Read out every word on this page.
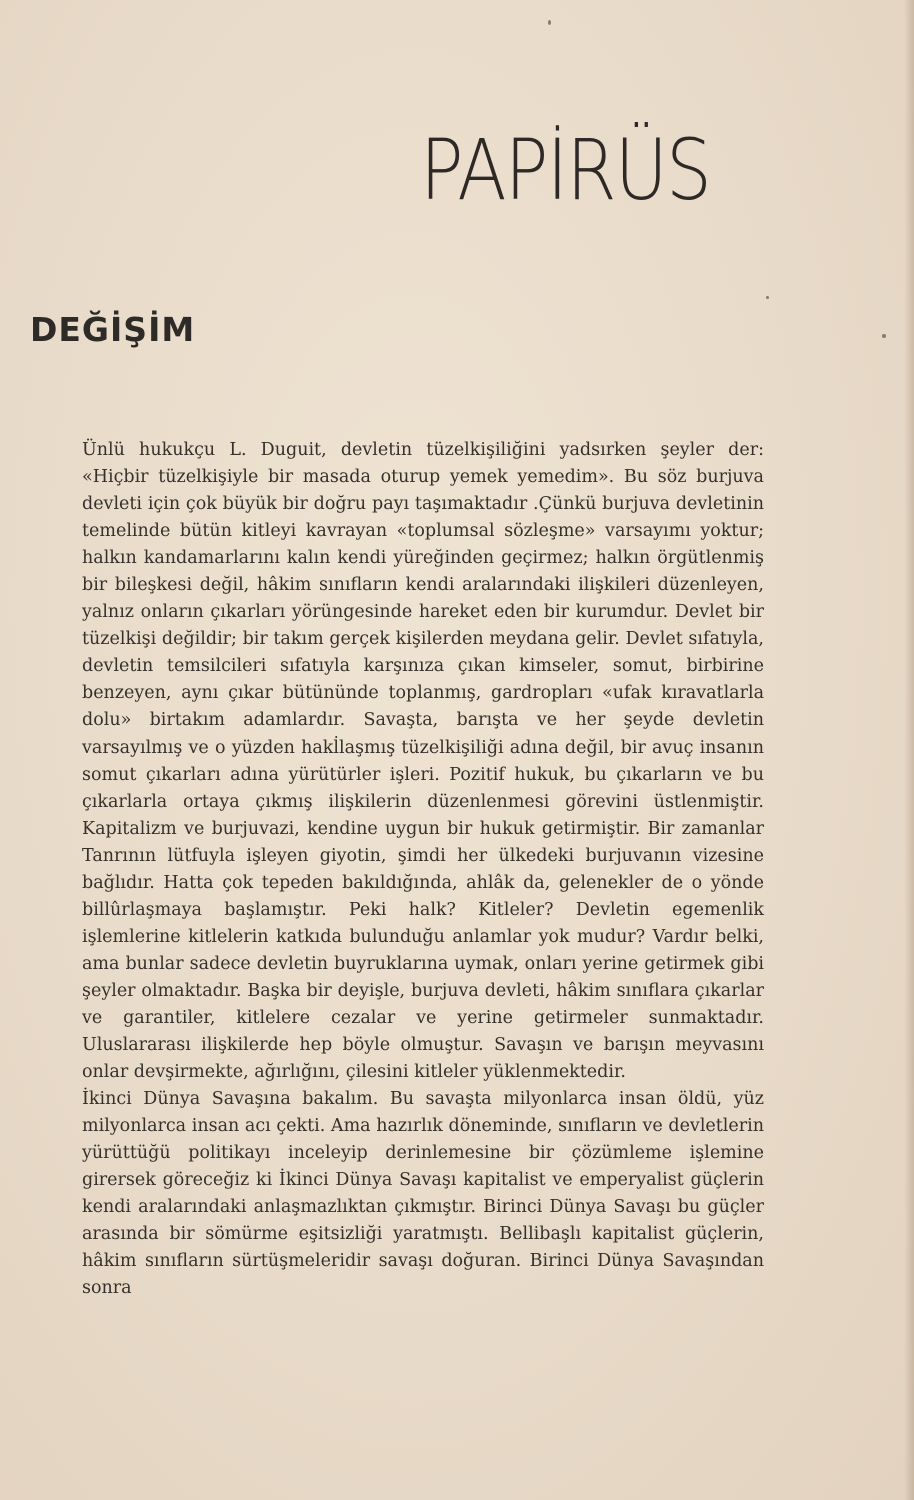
PAPİRÜS
DEĞİŞİM

Ünlü hukukçu L. Duguit, devletin tüzelkişiliğini yadsırken şeyler der: «Hiçbir tüzelkişiyle bir masada oturup yemek yemedim». Bu söz burjuva devleti için çok büyük bir doğru payı taşımaktadır .Çünkü burjuva devletinin temelinde bütün kitleyi kavrayan «toplumsal sözleşme» varsayımı yoktur; halkın kandamarlarını kalın kendi yüreğinden geçirmez; halkın örgütlenmiş bir bileşkesi değil, hâkim sınıfların kendi aralarındaki ilişkileri düzenleyen, yalnız onların çıkarları yörüngesinde hareket eden bir kurumdur. Devlet bir tüzelkişi değildir; bir takım gerçek kişilerden meydana gelir. Devlet sıfatıyla, devletin temsilcileri sıfatıyla karşınıza çıkan kimseler, somut, birbirine benzeyen, aynı çıkar bütününde toplanmış, gardropları «ufak kıravatlarla dolu» birtakım adamlardır. Savaşta, barışta ve her şeyde devletin varsayılmış ve o yüzden hakl̇laşmış tüzelkişiliği adına değil, bir avuç insanın somut çıkarları adına yürütürler işleri. Pozitif hukuk, bu çıkarların ve bu çıkarlarla ortaya çıkmış ilişkilerin düzenlenmesi görevini üstlenmiştir. Kapitalizm ve burjuvazi, kendine uygun bir hukuk getirmiştir. Bir zamanlar Tanrının lütfuyla işleyen giyotin, şimdi her ülkedeki burjuvanın vizesine bağlıdır. Hatta çok tepeden bakıldığında, ahlâk da, gelenekler de o yönde billûrlaşmaya başlamıştır. Peki halk? Kitleler? Devletin egemenlik işlemlerine kitlelerin katkıda bulunduğu anlamlar yok mudur? Vardır belki, ama bunlar sadece devletin buyruklarına uymak, onları yerine getirmek gibi şeyler olmaktadır. Başka bir deyişle, burjuva devleti, hâkim sınıflara çıkarlar ve garantiler, kitlelere cezalar ve yerine getirmeler sunmaktadır. Uluslararası ilişkilerde hep böyle olmuştur. Savaşın ve barışın meyvasını onlar devşirmekte, ağırlığını, çilesini kitleler yüklenmektedir.

İkinci Dünya Savaşına bakalım. Bu savaşta milyonlarca insan öldü, yüz milyonlarca insan acı çekti. Ama hazırlık döneminde, sınıfların ve devletlerin yürüttüğü politikayı inceleyip derinlemesine bir çözümleme işlemine girersek göreceğiz ki İkinci Dünya Savaşı kapitalist ve emperyalist güçlerin kendi aralarındaki anlaşmazlıktan çıkmıştır. Birinci Dünya Savaşı bu güçler arasında bir sömürme eşitsizliği yaratmıştı. Bellibaşlı kapitalist güçlerin, hâkim sınıfların sürtüşmeleridir savaşı doğuran. Birinci Dünya Savaşından sonra
